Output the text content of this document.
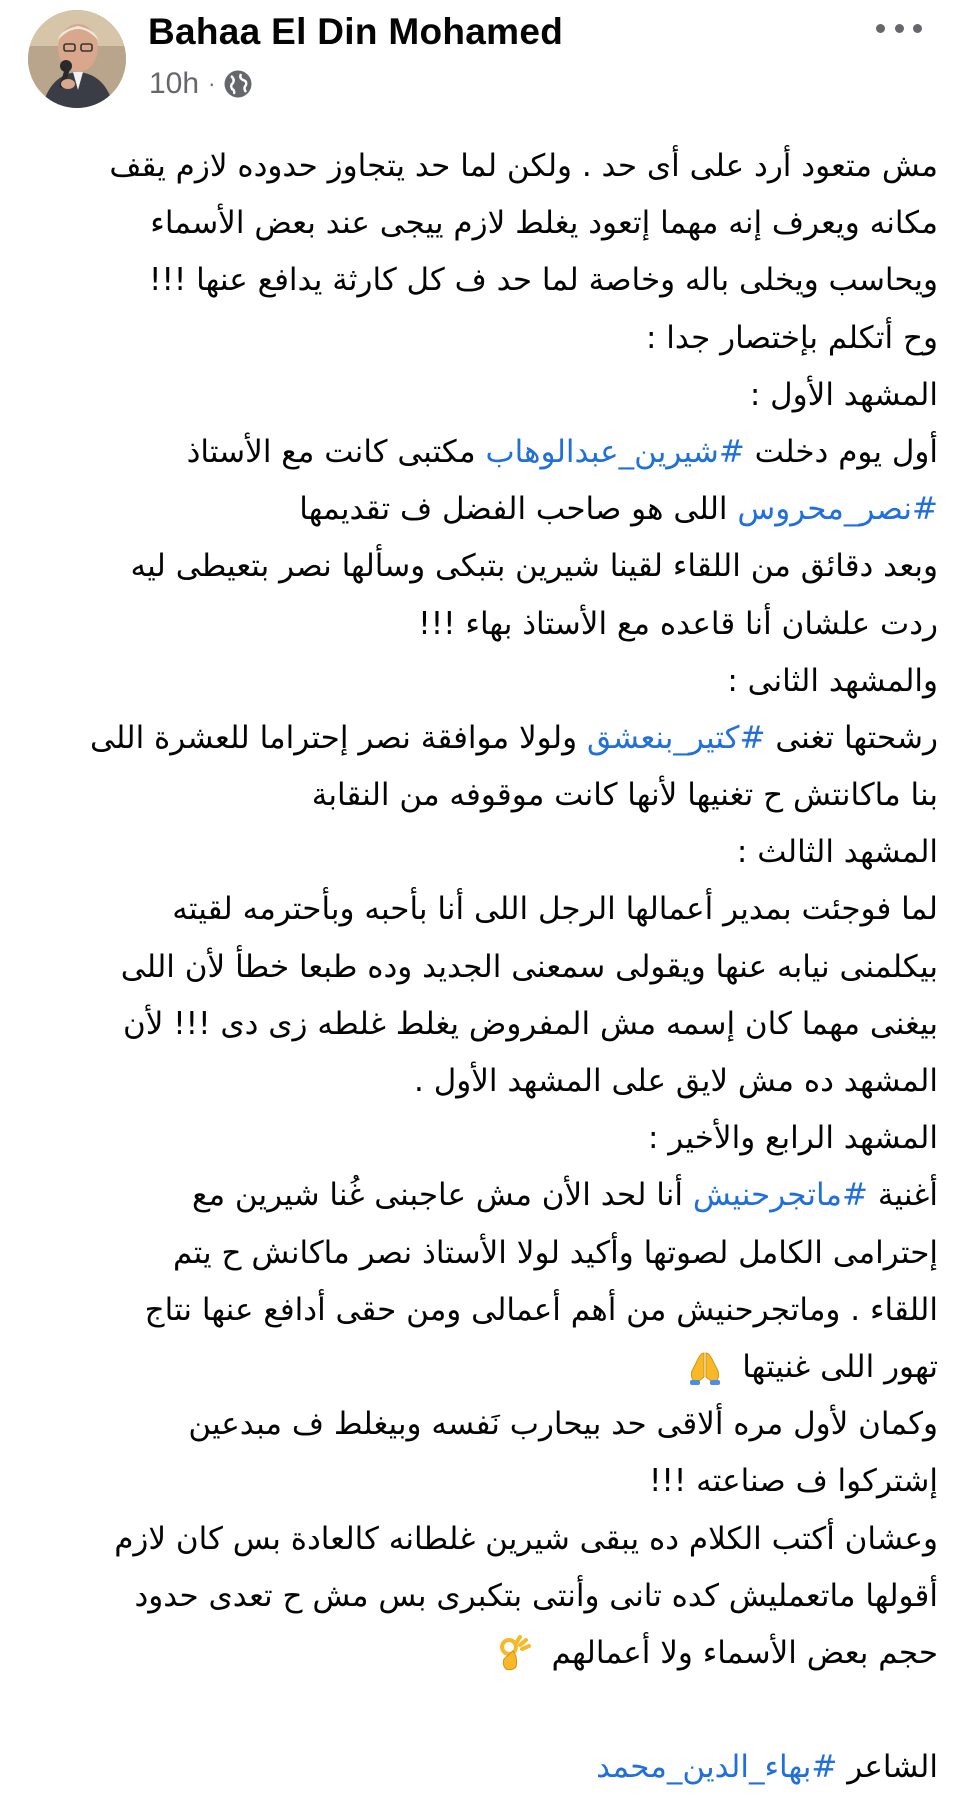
Bahaa El Din Mohamed
10h ·
مش متعود أرد على أى حد . ولكن لما حد يتجاوز حدوده لازم يقف
مكانه ويعرف إنه مهما إتعود يغلط لازم ييجى عند بعض الأسماء
ويحاسب ويخلى باله وخاصة لما حد ف كل كارثة يدافع عنها !!!
وح أتكلم بإختصار جدا :
المشهد الأول :
أول يوم دخلت #شيرين_عبدالوهاب مكتبى كانت مع الأستاذ
#نصر_محروس اللى هو صاحب الفضل ف تقديمها
وبعد دقائق من اللقاء لقينا شيرين بتبكى وسألها نصر بتعيطى ليه
ردت علشان أنا قاعده مع الأستاذ بهاء !!!
والمشهد الثانى :
رشحتها تغنى #كتير_بنعشق ولولا موافقة نصر إحتراما للعشرة اللى
بنا ماكانتش ح تغنيها لأنها كانت موقوفه من النقابة
المشهد الثالث :
لما فوجئت بمدير أعمالها الرجل اللى أنا بأحبه وبأحترمه لقيته
بيكلمنى نيابه عنها ويقولى سمعنى الجديد وده طبعا خطأ لأن اللى
بيغنى مهما كان إسمه مش المفروض يغلط غلطه زى دى !!! لأن
المشهد ده مش لايق على المشهد الأول .
المشهد الرابع والأخير :
أغنية #ماتجرحنيش أنا لحد الأن مش عاجبنى غُنا شيرين مع
إحترامى الكامل لصوتها وأكيد لولا الأستاذ نصر ماكانش ح يتم
اللقاء . وماتجرحنيش من أهم أعمالى ومن حقى أدافع عنها نتاج
تهور اللى غنيتها
وكمان لأول مره ألاقى حد بيحارب نَفسه وبيغلط ف مبدعين
إشتركوا ف صناعته !!!
وعشان أكتب الكلام ده يبقى شيرين غلطانه كالعادة بس كان لازم
أقولها ماتعمليش كده تانى وأنتى بتكبرى بس مش ح تعدى حدود
حجم بعض الأسماء ولا أعمالهم
الشاعر #بهاء_الدين_محمد
